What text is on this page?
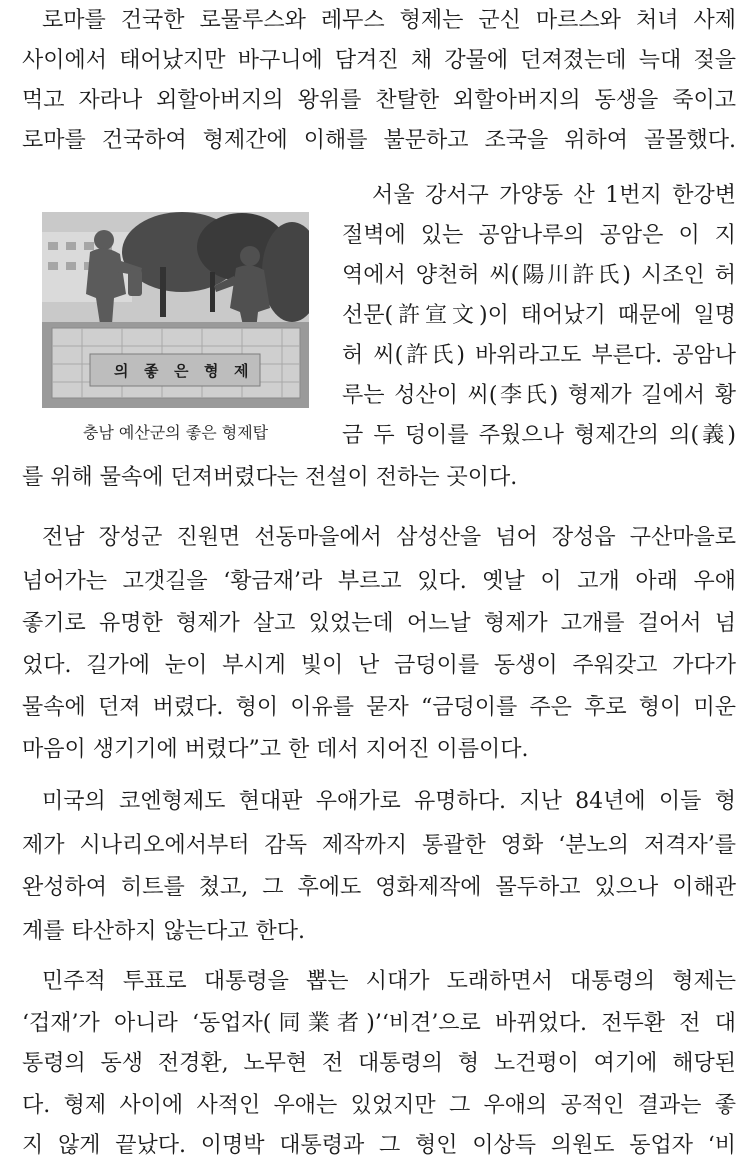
로마를 건국한 로물루스와 레무스 형제는 군신 마르스와 처녀 사제
사이에서 태어났지만 바구니에 담겨진 채 강물에 던져졌는데 늑대 젖을
먹고 자라나 외할아버지의 왕위를 찬탈한 외할아버지의 동생을 죽이고
로마를 건국하여 형제간에 이해를 불문하고 조국을 위하여 골몰했다.
의 좋 은 형 제
충남 예산군의 좋은 형제탑
서울 강서구 가양동 산 1번지 한강변
절벽에 있는 공암나루의 공암은 이 지
역에서 양천허 씨(陽川許氏) 시조인 허
선문(許宣文)이 태어났기 때문에 일명
허 씨(許氏) 바위라고도 부른다. 공암나
루는 성산이 씨(李氏) 형제가 길에서 황
금 두 덩이를 주웠으나 형제간의 의(義)
를 위해 물속에 던져버렸다는 전설이 전하는 곳이다.
전남 장성군 진원면 선동마을에서 삼성산을 넘어 장성읍 구산마을로
넘어가는 고갯길을 ‘황금재’라 부르고 있다. 옛날 이 고개 아래 우애
좋기로 유명한 형제가 살고 있었는데 어느날 형제가 고개를 걸어서 넘
었다. 길가에 눈이 부시게 빛이 난 금덩이를 동생이 주워갖고 가다가
물속에 던져 버렸다. 형이 이유를 묻자 “금덩이를 주은 후로 형이 미운
마음이 생기기에 버렸다”고 한 데서 지어진 이름이다.
미국의 코엔형제도 현대판 우애가로 유명하다. 지난 84년에 이들 형
제가 시나리오에서부터 감독 제작까지 통괄한 영화 ‘분노의 저격자’를
완성하여 히트를 쳤고, 그 후에도 영화제작에 몰두하고 있으나 이해관
계를 타산하지 않는다고 한다.
민주적 투표로 대통령을 뽑는 시대가 도래하면서 대통령의 형제는
‘겁재’가 아니라 ‘동업자(同業者)’‘비견’으로 바뀌었다. 전두환 전 대
통령의 동생 전경환, 노무현 전 대통령의 형 노건평이 여기에 해당된
다. 형제 사이에 사적인 우애는 있었지만 그 우애의 공적인 결과는 좋
지 않게 끝났다. 이명박 대통령과 그 형인 이상득 의원도 동업자 ‘비
